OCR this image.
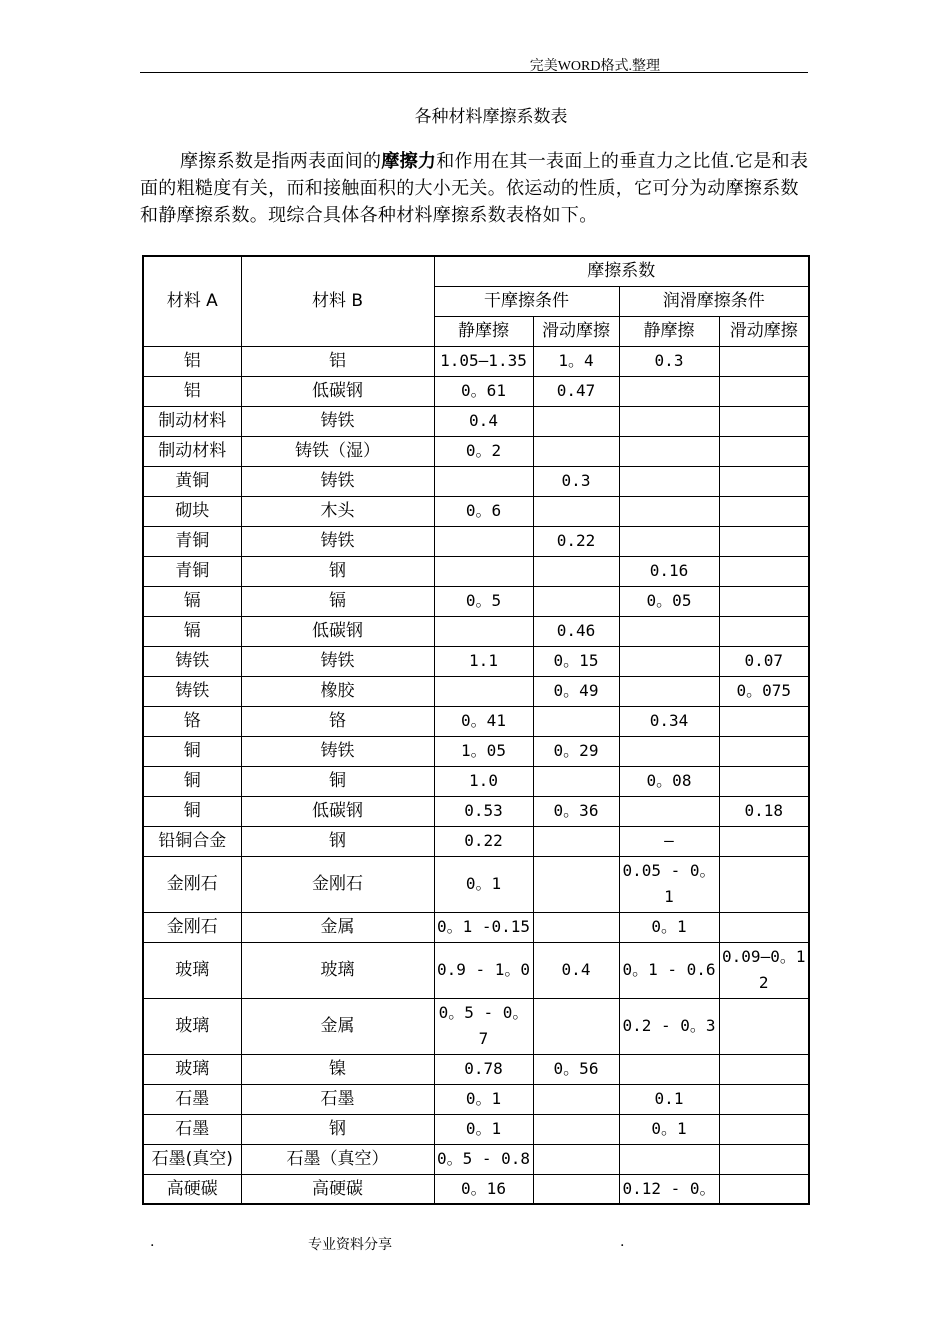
完美WORD格式.整理
各种材料摩擦系数表

摩擦系数是指两表面间的摩擦力和作用在其一表面上的垂直力之比值.它是和表面的粗糙度有关，而和接触面积的大小无关。依运动的性质，它可分为动摩擦系数和静摩擦系数。现综合具体各种材料摩擦系数表格如下。

材料 A	材料 B	摩擦系数			
		干摩擦条件		润滑摩擦条件	
		静摩擦	滑动摩擦	静摩擦	滑动摩擦
铝	铝	1.05—1.35	1。4	0.3	
铝	低碳钢	0。61	0.47		
制动材料	铸铁	0.4			
制动材料	铸铁（湿）	0。2			
黄铜	铸铁		0.3		
砌块	木头	0。6			
青铜	铸铁		0.22		
青铜	钢			0.16	
镉	镉	0。5		0。05	
镉	低碳钢		0.46		
铸铁	铸铁	1.1	0。15		0.07
铸铁	橡胶		0。49		0。075
铬	铬	0。41		0.34	
铜	铸铁	1。05	0。29		
铜	铜	1.0		0。08	
铜	低碳钢	0.53	0。36		0.18
铅铜合金	钢	0.22		—	
金刚石	金刚石	0。1		0.05 - 0。1	
金刚石	金属	0。1 -0.15		0。1	
玻璃	玻璃	0.9 - 1。0	0.4	0。1 - 0.6	0.09—0。12
玻璃	金属	0。5 - 0。7		0.2 - 0。3	
玻璃	镍	0.78	0。56		
石墨	石墨	0。1		0.1	
石墨	钢	0。1		0。1	
石墨(真空)	石墨（真空）	0。5 - 0.8			
高硬碳	高硬碳	0。16		0.12 - 0。	
.	专业资料分享	.
